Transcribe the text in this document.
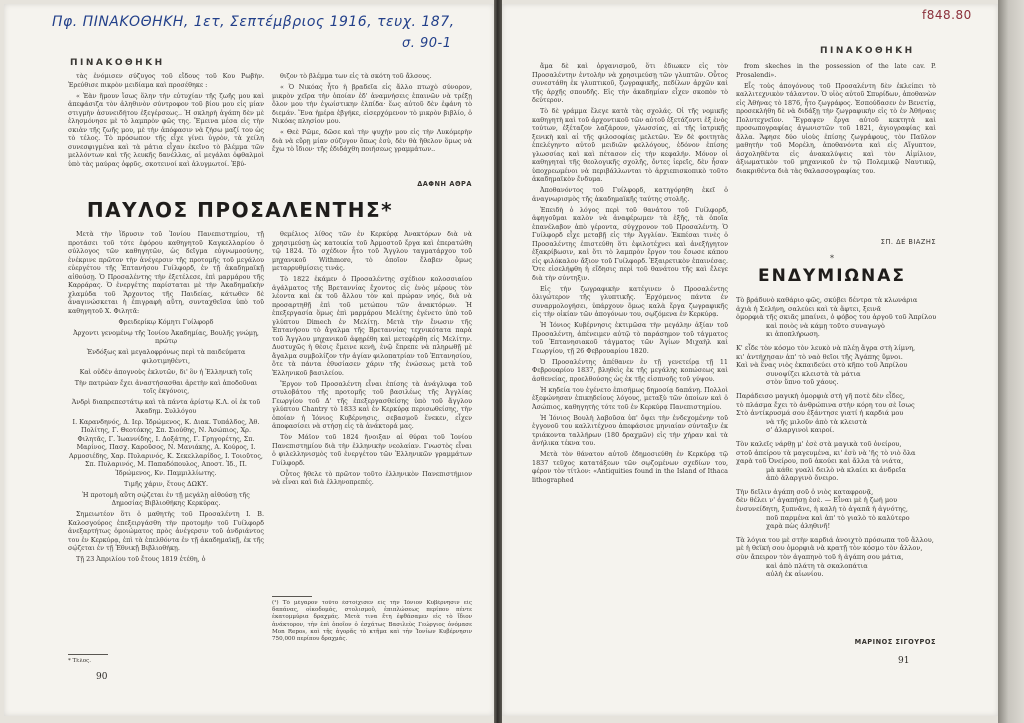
Πφ. ΠΙΝΑΚΟΘΗΚΗ, 1ετ, Σεπτέμβριος 1916, τευχ. 187,
σ. 90-1
ΠΙΝΑΚΟΘΗΚΗ

τὰς ἐνόμισεν σύζυγος τοῦ εἴδους τοῦ Κου Ρωβὴν. Ἐρεύθισε πικρὸν μειδίαμα καὶ προσέθηκε :

« Ἐὰν ἤμουν ἴσως ὅλην τὴν εὐτυχίαν τῆς ζωῆς μου καὶ ἀπεφάσιζα τὸν ἀληθινὸν σύντροφον τοῦ βίου μου εἰς μίαν στιγμὴν ἀσυνειδήτου ἐξεγέρσεως.. Ἡ σκληρὴ ἀγάπη δὲν μὲ ἐλησμόνησε μὲ τὸ λαμπρὸν φῶς της. Ἔμεινα μέσα εἰς τὴν σκιὰν τῆς ζωῆς μου, μὲ τὴν ἀπόφασιν νὰ ζήσω μαζί του ὡς τὸ τέλος. Τὸ πρόσωπον τῆς εἶχε γίνει ὑγρὸν, τὰ χείλη συνεσφιγμένα καὶ τὰ μάτια εἶχαν ἐκεῖνο τὸ βλέμμα τῶν μελλόντων καὶ τῆς λευκῆς δανέλλας, αἱ μεγάλαι ὀφθαλμοὶ ὑπὸ τὰς μαύρας ὀφρῦς, σκοτεινοί καὶ ἀλυγμωτοί. Ἐβύ-

θιζον τὸ βλέμμα των εἰς τὰ σκότη τοῦ ἄλσους.

« Ὁ Νικόας ἦτο ἡ βραδεῖα εἰς ἄλλο πτωχὸ σύνορον, μικρὸν χεῖρα τὴν ὁποίαν ἐδ' ἀναμνήσεις ἐπαινῶν νὰ τρέξῃ ὅλον μου τὴν ἐγωίστικην ἐλπίδα· ἕως αὐτοῦ δὲν ἐφάνη τὸ διεμάν. Ἔνα ἡμέρα ἐβγήκε, εἰσερχόμενον τὸ μικρὸν βιβλίο, ὁ Νικόας πλησίον μου.

« Θεὲ Ρῶμε, δῶσε καὶ τὴν ψυχὴν μου εἰς τὴν Λυκόμερὴν διὰ νὰ εὕρῃ μίαν σύζυγον ὅπως ἐσὺ, δὲν θὰ ἤθελον ὅμως νὰ ἔχω τὸ ἴδιον· τῆς ἐδιδάχθη ποιήσεως γραμμάτων..

ΔΑΦΝΗ ΑΘΡΑ
ΠΑΥΛΟΣ ΠΡΟΣΑΛΕΝΤΗΣ*

Μετὰ τὴν ἵδρυσιν τοῦ Ἰονίου Πανεπιστημίου, τῇ προτάσει τοῦ τότε ἐφόρου καθηγητοῦ Καγκελλαρίου ὁ σύλλογος τῶν καθηγητῶν, ὡς δεῖγμα εὐγνωμοσύνης, ἐνέκρινε πρῶτον τὴν ἀνέγερσιν τῆς προτομῆς τοῦ μεγάλου εὐεργέτου τῆς Ἑπτανήσου Γυίλφορδ, ἐν τῇ ἀκαδημαϊκῇ αἰθούσῃ. Ὁ Προσαλέντης τὴν ἐξετέλεσε, ἐπὶ μαρμάρου τῆς Καρράρας. Ὁ ἐνεργέτης παρίσταται μὲ τὴν Ἀκαδημαϊκὴν χλαμύδα τοῦ Ἄρχοντος τῆς Παιδείας, κάτωθεν δὲ ἀναγινώσκεται ἡ ἐπιγραφὴ αὕτη, συνταχθεῖσα ὑπὸ τοῦ καθηγητοῦ Χ. Φιλητᾶ:

Φρειδερίκῳ Κόμητι Γυίλφορδ

Ἀρχοντι γενομένῳ τῆς Ἰονίου Ἀκαδημίας, Βουλῆς γνώμῃ, πρώτῳ

Ἐνδόξως καὶ μεγαλοφρόνως περὶ τὰ παιδεύματα φιλοτιμηθέντι,

Καὶ οὐδὲν ἀπογνοὺς ἐκλυτῶν, δι' ὃν ἡ Ἑλληνικὴ τοῖς

Τὴν πατρώαν ἔχει ἀναστήσασθαι ἀρετὴν καὶ ἀποδοῦναι τοῖς ἐκγόνοις,

Ἀνδρὶ διαπρεπεστάτῳ καὶ τὰ πάντα ἀρίστῳ Κ.Λ. οἱ ἐκ τοῦ Ἀκαδημ. Συλλόγου

Ι. Καρανδηνός, Δ. Ιερ. Ἰδρώμενος, Κ. Διακ. Τυπάλδος, Ἀθ. Πολίτης, Γ. Θεοτόκης, Σπ. Σιούθης, Ν. Ἀσώπιος, Χρ. Φιλητᾶς, Γ. Ἰωαννίδης, Ι. Δοξάτης, Γ. Γρηγορέτης, Σπ. Μαρίνος, Πασχ. Καροῦσος, Ν. Μανιάκης, Α. Κούρος, Ι. Αρμοσιέδης, Χαρ. Πυλαρινός, Κ. Σεκελλαρίδος, Ι. Τοιοῦτος, Σπ. Πυλαρινός, Μ. Παπαδόπουλος, Αποστ. Ἰδ., Π. Ἰδρώμενος, Κν. Παμμιλλίωτης.

Τιμῆς χάριν, ἔτους ΔΩΚΥ.

Ἡ προτομὴ αὕτη σῴζεται ἐν τῇ μεγάλῃ αἰθούσῃ τῆς Δημοσίας Βιβλιοθήκης Κερκύρας.

Σημειωτέον ὅτι ὁ μαθητὴς τοῦ Προσαλέντη Ι. Β. Καλοσγούρος ἐπεξειργάσθη τὴν προτομὴν τοῦ Γυίλφορδ ἀνεξαρτήτως ὁμοιώματος πρὸς ἀνέγερσιν τοῦ ἀνδριάντος του ἐν Κερκύρᾳ, ἐπὶ τὰ ἐπελθόντα ἐν τῇ ἀκαδημαϊκῇ, ἐκ τῆς σῴζεται ἐν τῇ Ἐθνικῇ Βιβλιοθήκῃ.

Τῇ 23 Ἀπριλίου τοῦ ἔτους 1819 ἐτέθη, ὁ

* Τέλος.

θεμέλιος λίθος τῶν ἐν Κερκύρᾳ Ἀνακτόρων διὰ νὰ χρησιμεύσῃ ὡς κατοικία τοῦ Ἀρμοστοῦ ἔργα καὶ ἐπερατώθη τῷ 1824. Τὸ σχέδιον ἦτο τοῦ Ἄγγλου ταγματάρχου τοῦ μηχανικοῦ Withmore, τὸ ὁποῖον ἔλαβεν ὅμως μεταρρυθμίσεις τινάς.

Τὸ 1822 ἐκάμεν ὁ Προσαλέντης σχέδιον κολοσσιαίου ἀγάλματος τῆς Βρεταννίας ἔχοντος εἰς ἐνὸς μέρους τὸν λέοντα καὶ ἐκ τοῦ ἄλλου τὸν καὶ πρώραν νηός, διὰ νὰ προσαρτηθῇ ἐπὶ τοῦ μετώπου τῶν ἀνακτόρων. Ἡ ἐπεξεργασία ὅμως ἐπὶ μαρμάρου Μελίτης ἐγένετο ὑπὸ τοῦ γλύπτου Dimech ἐν Μελίτῃ. Μετὰ τὴν ἔνωσιν τῆς Ἑπτανήσου τὸ ἄγαλμα τῆς Βρεταννίας τεχνικότατα παρὰ τοῦ Ἄγγλου μηχανικοῦ ἀφῃρέθη καὶ μετεφέρθη εἰς Μελίτην. Δυστυχῶς ἡ θέσις ἔμεινε κενὴ, ἐνῷ ἔπρεπε νὰ πληρωθῇ μὲ ἄγαλμα συμβολίζον τὴν ἀγίαν φιλοπατρίαν τοῦ Ἑπτανησίου, ὅτε τὰ πάντα ἐθυσίασεν χάριν τῆς ἑνώσεως μετὰ τοῦ Ἑλληνικοῦ βασιλείου.

Ἔργον τοῦ Προσαλέντη εἶναι ἐπίσης τὰ ἀνάγλυφα τοῦ στυλοβάτου τῆς προτομῆς τοῦ βασιλέως τῆς Ἀγγλίας Γεωργίου τοῦ Δ' τῆς ἐπεξεργασθείσης ὑπὸ τοῦ ἄγγλου γλύπτου Chantry τὸ 1833 καὶ ἐν Κερκύρᾳ περισωθείσης, τὴν ὁποίαν ἡ Ἰόνιος Κυβέρνησις, σεβασμοῦ ἕνεκεν, εἶχεν ἀποφασίσει νὰ στήσῃ εἰς τὰ ἀνάκτορά μας.

Τὸν Μάϊον τοῦ 1824 ἤνοιξαν αἱ θύραι τοῦ Ἰονίου Πανεπιστημίου διὰ τὴν ἑλληνικὴν νεολαίαν. Γνωστὸς εἶναι ὁ φιλελληνισμὸς τοῦ ἐνεργέτου τῶν Ἑλληνικῶν γραμμάτων Γυίλφορδ.

Οὗτος ἤθελε τὸ πρῶτον τοῦτο ἑλληνικὸν Πανεπιστήμιον νὰ εἶναι καὶ διὰ ἑλληνοπρεπές.

(¹) Τὸ μέγαρον τοῦτο ἐστοίχισεν εἰς τὴν Ἰόνιον Κυβέρνησιν εἰς δαπάνας, οἰκοδομάς, στολισμοῦ, ἐπιπλώσεως περίπου πέντε ἑκατομμύρια δραχμάς. Μετὰ τινα ἔτη ἐφθάσαμεν εἰς τὸ ἴδιον ἀνάκτορον, τὴν ἐπὶ ὁποῖον ὁ ἐσχάτως Βασιλεὺς Γεώργιος ὀνόμασε Mon Repos, καὶ τῆς ἀγορᾶς τὸ κτῆμα καὶ τὴν Ἰονίων Κυβέρνησιν 750,000 περίπου δραχμάς.
90
f848.80
ΠΙΝΑΚΟΘΗΚΗ

ἅμα δὲ καὶ ὀργανισμοῦ, ὅτι ἐδιωκεν εἰς τὸν Προσαλέντην ἐντολὴν νὰ χρησιμεύσῃ τῶν γλυπτῶν. Οὗτος συνεστάθη ἐκ γλυπτικοῦ, ζωγραφικῆς, πεδίλων ἀρχῶν καὶ τῆς ἀρχῆς σπουδῆς. Εἰς τὴν ἀκαδημίαν εἶχεν σκοπὸν τὸ δεύτερον.

Τὸ δὲ γράμμα ἔλεγε κατὰ τὰς σχολάς. Οἱ τῆς νομικῆς καθηγητὴ καὶ τοῦ ἀρχοντικοῦ τῶν αὐτοῦ ἐξετάζοντι ἐξ ἑνὸς τούτων, ἐξέταζον λαζάρουν, γλωσσίας, αἱ τῆς ἱατρικῆς ξενικὴ καὶ αἱ τῆς φιλοσοφίας μελετῶν. Ἐν δὲ φοιτητὰς ἐπελέγηντο αὐτοῦ μειδιῶν φελλόγους, ἐδόνον ἐπίσης γλωσσίας καὶ καὶ πέτασον εἰς τὴν κεφαλήν. Μόνον οἱ καθηγηταὶ τῆς θεολογικῆς σχολῆς, ὄντες ἱερεῖς, δὲν ἦσαν ὑποχρεωμένοι νὰ περιβάλλωνται τὸ ἀρχιεπισκοπικὸ τοῦτο ἀκαδημαϊκὸν ἔνδυμα.

Ἀποθανόντος τοῦ Γυίλφορδ, κατηγόρηθη ἐκεῖ ὁ ἀναγνωρισμὸς τῆς ἀκαδημαϊκῆς ταύτης στολῆς.

Ἐπειδὴ ὁ λόγος περὶ τοῦ θανάτου τοῦ Γυίλφορδ, ἀφηγοῦμαι καλὸν νὰ ἀναφέρωμεν τὰ ἑξῆς, τὰ ὁποῖα ἐπανέλαβον ἀπὸ γέροντα, σύγχρονον τοῦ Προσαλέντη. Ὁ Γυίλφορδ εἶχε μεταβῇ εἰς τὴν Ἀγγλίαν. Ἐκπέσαι τινὲς ὁ Προσαλέντης ἐπιστεύθη ὅτι ἐφιλοτέχνει καὶ ἀνεξήγητον ἐξακρίβωσιν, καὶ ὅτι τὸ λαμπρὸν ἔργον του ἔσωσε κάπου εἰς φιλόκαλον ἄξιον τοῦ Γυίλφορδ. Ἐξαιρετικὸν ἐπαινέσας. Ὅτε εἰσελήφθη ἡ εἴδησις περὶ τοῦ θανάτου τῆς καὶ ἔλεγε διὰ τὴν σύντηξιν.

Εἰς τὴν ζωγραφικὴν κατέγινεν ὁ Προσαλέντης ὀλιγώτερον τῆς γλυπτικῆς. Ἐρχόμενος πάντα ἐν συναρμολογήσει, ὑπάρχουν ὅμως καλὰ ἔργα ζωγραφικῆς εἰς τὴν οἰκίαν τῶν ἀπογόνων του, σῳζόμενα ἐν Κερκύρᾳ.

Ἡ Ἰόνιος Κυβέρνησις ἐκτιμῶσα τὴν μεγάλην ἀξίαν τοῦ Προσαλέντη, ἀπένειμεν αὐτῷ τὸ παράσημον τοῦ τάγματος τοῦ Ἑπτανησιακοῦ τάγματος τῶν Ἁγίων Μιχαὴλ καὶ Γεωργίου, τῇ 26 Φεβρουαρίου 1820.

Ὁ Προσαλέντης ἀπέθανεν ἐν τῇ γενετείρᾳ τῇ 11 Φεβρουαρίου 1837, βληθεὶς ἐκ τῆς μεγάλης κοπώσεως καὶ ἀσθενείας, προελθούσης ὡς ἐκ τῆς εἰσπνοῆς τοῦ γύψου.

Ἡ κηδεία του ἐγένετο ἐπισήμως δημοσίᾳ δαπάνῃ. Πολλοὶ ἐξεφώνησαν ἐπικηδείους λόγους, μεταξὺ τῶν ὁποίων καὶ ὁ Ἀσώπιος, καθηγητὴς τότε τοῦ ἐν Κερκύρᾳ Πανεπιστημίου.

Ἡ Ἰόνιος Βουλὴ λαβοῦσα ὑπ' ὄψει τὴν ἐνδεχομένην τοῦ ἐγγονοῦ του καλλιτέχνου ἀπεφάσισε μηνιαίαν σύνταξιν ἐκ τριάκοντα ταλλήρων (180 δραχμῶν) εἰς τὴν χήραν καὶ τὰ ἀνήλικα τέκνα του.

Μετὰ τὸν θάνατον αὐτοῦ ἐδημοσιεύθη ἐν Κερκύρᾳ τῷ 1837 τεῦχος κατατάξεων τῶν σῳζομένων σχεδίων του, φέρον τὸν τίτλον: «Antiquities found in the Island of Ithaca lithographed

from skeches in the possession of the late cav. P. Prosalendi».

Εἶς τοὺς ἀπογόνους τοῦ Προσαλέντη δὲν ἐκλείπει τὸ καλλιτεχνικὸν τάλαντον. Ὁ υἱὸς αὐτοῦ Σπυρίδων, ἀποθανὼν εἰς Ἀθήνας τὸ 1876, ἦτο ζωγράφος. Ἐσπούδασεν ἐν Βενετίᾳ, προσεκλήθη δὲ νὰ διδάξῃ τὴν ζωγραφικὴν εἰς τὸ ἐν Ἀθήναις Πολυτεχνεῖον. Ἔγραψεν ἔργα αὐτοῦ κεκτητὰ καὶ προσωπογραφίας ἀγωνιστῶν τοῦ 1821, ἁγιογραφίας καὶ ἄλλα. Ἄφησε δύο υἱοὺς ἐπίσης ζωγράφους, τὸν Παῦλον μαθητὴν τοῦ Μορέλη, ἀποθανόντα καὶ εἰς Αἴγυπτον, ἀσχοληθέντα εἰς ἀνακαλύψεις καὶ τὸν Αἰμίλιον, ἀξιωματικὸν τοῦ μηχανικοῦ ἐν τῷ Πολεμικῷ Ναυτικῷ, διακριθέντα διὰ τὰς θαλασσογραφίας του.

ΣΠ. ΔΕ ΒΙΑΖΗΣ
*
ΕΝΔΥΜΙΩΝΑΣ
Τὸ βράδυνὸ καθάριο φῶς, σκύβει δέντρα τὰ κλωνάρια
ἀχιὰ ἡ Σελήνη, σαλεύει καὶ τὰ ἄφτει, ξεινᾶ
ὀμορφιὰ τῆς σκιᾶς μπαίνει, ὁ φόβος του ἀργοῦ τοῦ Ἀπρίλου
καὶ ποιὸς νὰ κάμῃ τοῦτο συναγωγὸ
κι ἀποπλήρωση.
Κ' εἶδε τὸν κόσμο τὸν λευκὸ νὰ πλέῃ ἄγρα στὴ λίμνη,
κι' ἀντήχησαν ἀπ' τὸ ναὸ θεῖοι τῆς Ἀγάπης ὕμνοι.
Καὶ νὰ ἕνας νιὸς ἐκπαιδεύει στὸ κῆπο τοῦ Ἀπρίλου
συνοψίζει κλειστὰ τὰ μάτια
στὸν ὕπνο τοῦ χάους.
Παράδεισο μαγικὴ ὀμορφιὰ στὴ γῆ ποτὲ δὲν εἶδες,
τὸ πλάσμα ἔχει τὸ ἀνθρώπινα στὴν κόρη του σὲ ἴσως
Στὸ ἀντίκρυσμά σου ἐξάντησε γιατί ἡ καρδιά μου
νὰ τῆς μιλοῦν ἀπὸ τὰ κλειστὰ
σ' ἀλαργινοὶ καιροί.
Τὸν καλεῖς νάρθῃ μ' ἐσὲ στὰ μαγικὰ τοῦ ὀνείρου,
στοῦ ἀπείρου τὰ μαγευμένα, κι' ἐσὺ νὰ 'ῆς τὸ νιὸ ὅλα
χαρὰ τοῦ Ὀνείρου, ποῦ ἀκούει καὶ ἄλλα τὰ νιάτα,
μὰ κάθε γυαλὶ δειλὸ νὰ κλαίει κι ἀνδρεῖα
ἀπὸ ἀλαργινὸ ὄνειρο.
Τὴν δεῖλιν ἀγάπη σοῦ ὁ νιὸς καταφρονᾷ,
δὲν θέλει ν' ἀγαπήσῃ ἐσὲ. — Εἶναι μὲ ἡ ζωή μου
ἐνσυνείδητη, ξυπνᾶνε, ἡ καλὴ τὸ ἀγαπᾶ ἡ ἁγνότης,
ποῦ παρμένα καὶ ἀπ' τὸ γιαλὸ τὸ καλύτερο
χαρὰ πὼς ἀληθινῆ!
Τὰ λόγια του μὲ στὴν καρδιά ἀνοιχτὸ πρόσωπα τοῦ ἄλλου,
μὲ ἡ θεϊκή σου ὀμορφιὰ νὰ κρατῇ τὸν κόσμο τὸν ἄλλον,
σὺν ἄπειρον τὸν ἀγαπηνὸ τοῦ ἡ ἀγάπη σου μάτια,
καὶ ἀπὸ πλάτη τὰ σκαλοπάτια
αὐλὴ ἐκ αἰωνίου.
ΜΑΡΙΝΟΣ ΣΙΓΟΥΡΟΣ
91
